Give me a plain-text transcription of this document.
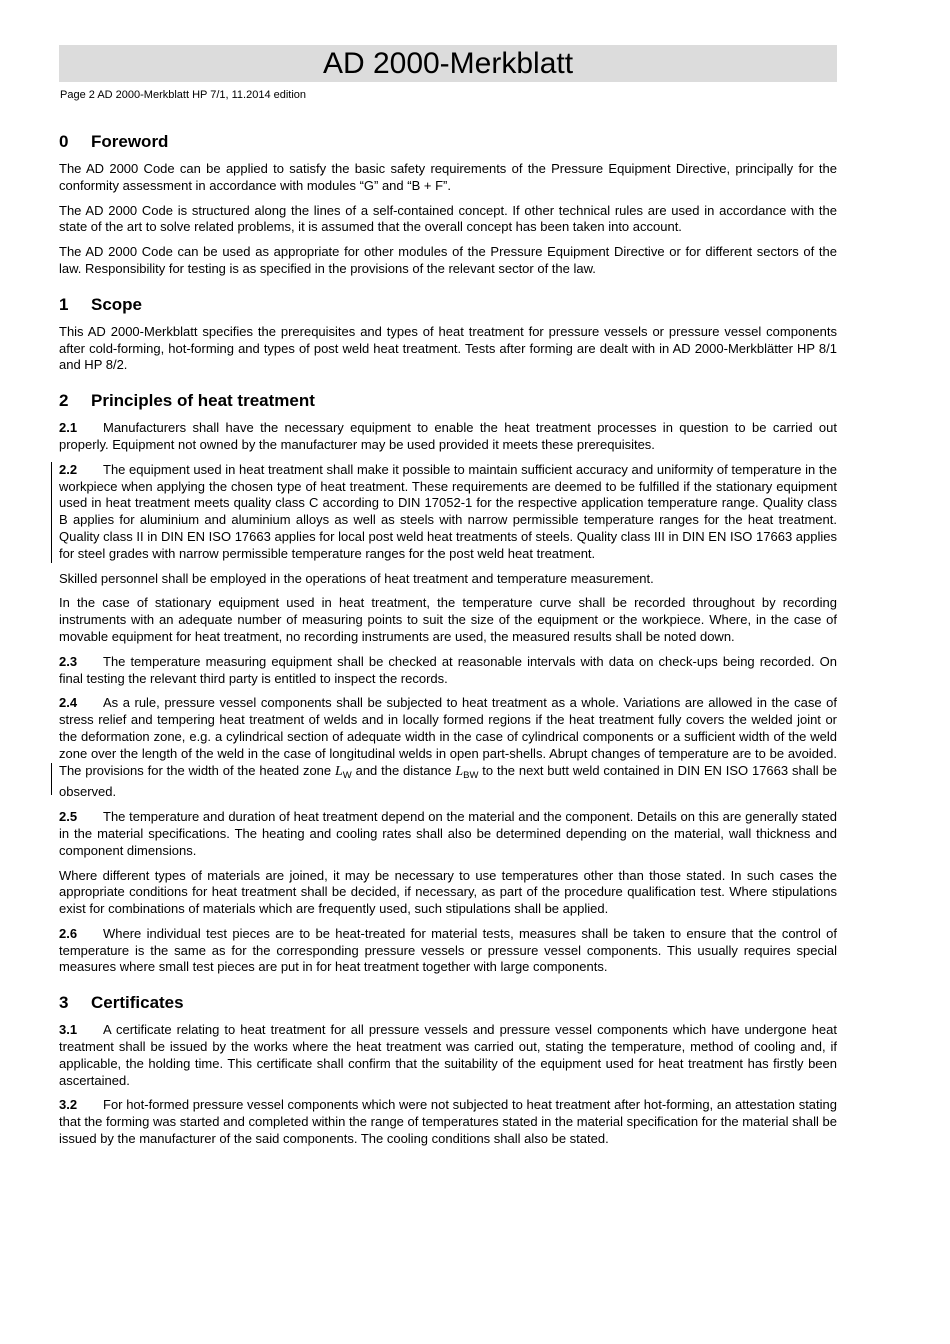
AD 2000-Merkblatt
Page 2 AD 2000-Merkblatt HP 7/1, 11.2014 edition
0 Foreword

The AD 2000 Code can be applied to satisfy the basic safety requirements of the Pressure Equipment Directive, principally for the conformity assessment in accordance with modules “G” and “B + F”.

The AD 2000 Code is structured along the lines of a self-contained concept. If other technical rules are used in accordance with the state of the art to solve related problems, it is assumed that the overall concept has been taken into account.

The AD 2000 Code can be used as appropriate for other modules of the Pressure Equipment Directive or for different sectors of the law. Responsibility for testing is as specified in the provisions of the relevant sector of the law.

1 Scope

This AD 2000-Merkblatt specifies the prerequisites and types of heat treatment for pressure vessels or pressure vessel components after cold-forming, hot-forming and types of post weld heat treatment. Tests after forming are dealt with in AD 2000-Merkblätter HP 8/1 and HP 8/2.

2 Principles of heat treatment

2.1 Manufacturers shall have the necessary equipment to enable the heat treatment processes in question to be carried out properly. Equipment not owned by the manufacturer may be used provided it meets these prerequisites.

2.2 The equipment used in heat treatment shall make it possible to maintain sufficient accuracy and uniformity of temperature in the workpiece when applying the chosen type of heat treatment. These requirements are deemed to be fulfilled if the stationary equipment used in heat treatment meets quality class C according to DIN 17052-1 for the respective application temperature range. Quality class B applies for aluminium and aluminium alloys as well as steels with narrow permissible temperature ranges for the heat treatment. Quality class II in DIN EN ISO 17663 applies for local post weld heat treatments of steels. Quality class III in DIN EN ISO 17663 applies for steel grades with narrow permissible temperature ranges for the post weld heat treatment.

Skilled personnel shall be employed in the operations of heat treatment and temperature measurement.

In the case of stationary equipment used in heat treatment, the temperature curve shall be recorded throughout by recording instruments with an adequate number of measuring points to suit the size of the equipment or the workpiece. Where, in the case of movable equipment for heat treatment, no recording instruments are used, the measured results shall be noted down.

2.3 The temperature measuring equipment shall be checked at reasonable intervals with data on check-ups being recorded. On final testing the relevant third party is entitled to inspect the records.

2.4 As a rule, pressure vessel components shall be subjected to heat treatment as a whole. Variations are allowed in the case of stress relief and tempering heat treatment of welds and in locally formed regions if the heat treatment fully covers the welded joint or the deformation zone, e.g. a cylindrical section of adequate width in the case of cylindrical components or a sufficient width of the weld zone over the length of the weld in the case of longitudinal welds in open part-shells. Abrupt changes of temperature are to be avoided. The provisions for the width of the heated zone $L_W$ and the distance $L_{BW}$ to the next butt weld contained in DIN EN ISO 17663 shall be observed.

2.5 The temperature and duration of heat treatment depend on the material and the component. Details on this are generally stated in the material specifications. The heating and cooling rates shall also be determined depending on the material, wall thickness and component dimensions.

Where different types of materials are joined, it may be necessary to use temperatures other than those stated. In such cases the appropriate conditions for heat treatment shall be decided, if necessary, as part of the procedure qualification test. Where stipulations exist for combinations of materials which are frequently used, such stipulations shall be applied.

2.6 Where individual test pieces are to be heat-treated for material tests, measures shall be taken to ensure that the control of temperature is the same as for the corresponding pressure vessels or pressure vessel components. This usually requires special measures where small test pieces are put in for heat treatment together with large components.

3 Certificates

3.1 A certificate relating to heat treatment for all pressure vessels and pressure vessel components which have undergone heat treatment shall be issued by the works where the heat treatment was carried out, stating the temperature, method of cooling and, if applicable, the holding time. This certificate shall confirm that the suitability of the equipment used for heat treatment has firstly been ascertained.

3.2 For hot-formed pressure vessel components which were not subjected to heat treatment after hot-forming, an attestation stating that the forming was started and completed within the range of temperatures stated in the material specification for the material shall be issued by the manufacturer of the said components. The cooling conditions shall also be stated.
